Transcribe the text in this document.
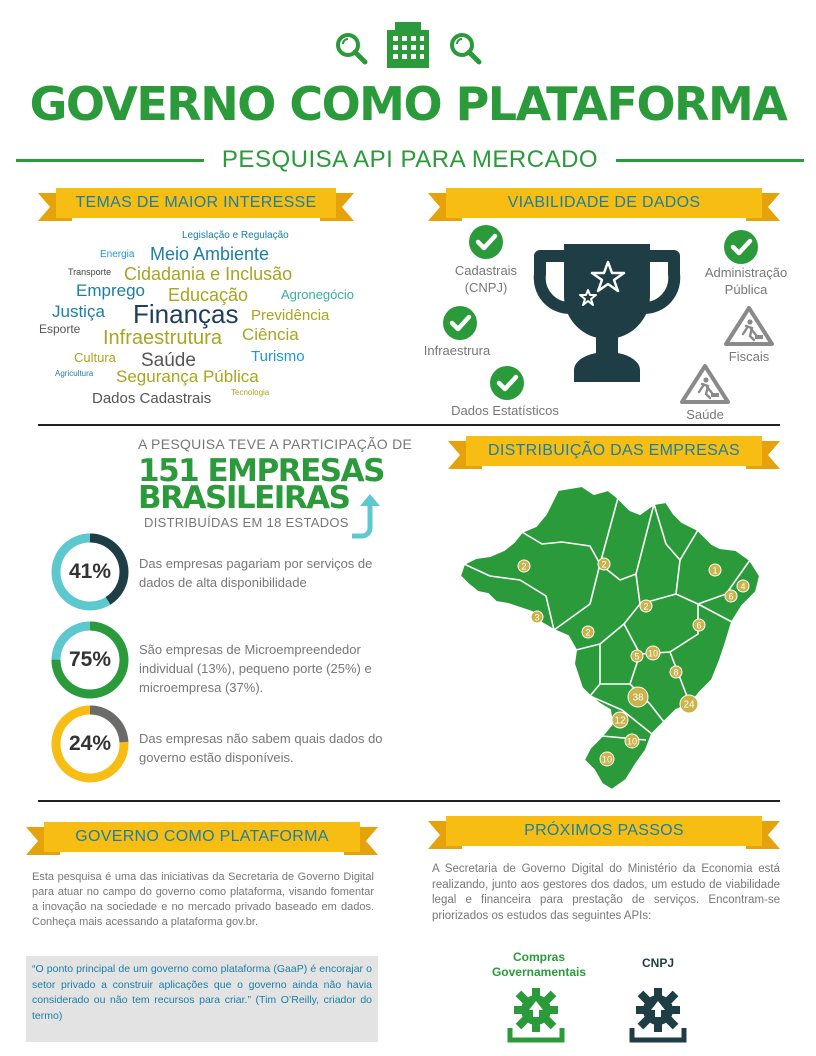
GOVERNO COMO PLATAFORMA
PESQUISA API PARA MERCADO
TEMAS DE MAIOR INTERESSE
Legislação e Regulação
Energia Meio Ambiente
Transporte Cidadania e Inclusão
Emprego Educação	Agronegócio
Justiça Finanças Previdência
Esporte Infraestrutura Ciência
Cultura Saúde	Turismo
Agricultura Segurança Pública
Tecnologia
Dados Cadastrais
VIABILIDADE DE DADOS
Cadastrais
(CNPJ)
Administração
Pública
Infraestrura	Fiscais
Dados Estatísticos	Saúde
A PESQUISA TEVE A PARTICIPAÇÃO DE
151 EMPRESAS
BRASILEIRAS
DISTRIBUÍDAS EM 18 ESTADOS
41%	Das empresas pagariam por serviços de dados de alta disponibilidade
75%	São empresas de Microempreendedor individual (13%), pequeno porte (25%) e microempresa (37%).
24%	Das empresas não sabem quais dados do governo estão disponíveis.
DISTRIBUIÇÃO DAS EMPRESAS
2	2
1
4
6
3
2
2
6
5 10
8
38
24
12
10
10
GOVERNO COMO PLATAFORMA
Esta pesquisa é uma das iniciativas da Secretaria de Governo Digital para atuar no campo do governo como plataforma, visando fomentar a inovação na sociedade e no mercado privado baseado em dados. Conheça mais acessando a plataforma gov.br.
“O ponto principal de um governo como plataforma (GaaP) é encorajar o setor privado a construir aplicações que o governo ainda não havia considerado ou não tem recursos para criar.” (Tim O’Reilly, criador do termo)
PRÓXIMOS PASSOS
A Secretaria de Governo Digital do Ministério da Economia está realizando, junto aos gestores dos dados, um estudo de viabilidade legal e financeira para prestação de serviços. Encontram-se priorizados os estudos das seguintes APIs:
Compras
Governamentais
CNPJ
